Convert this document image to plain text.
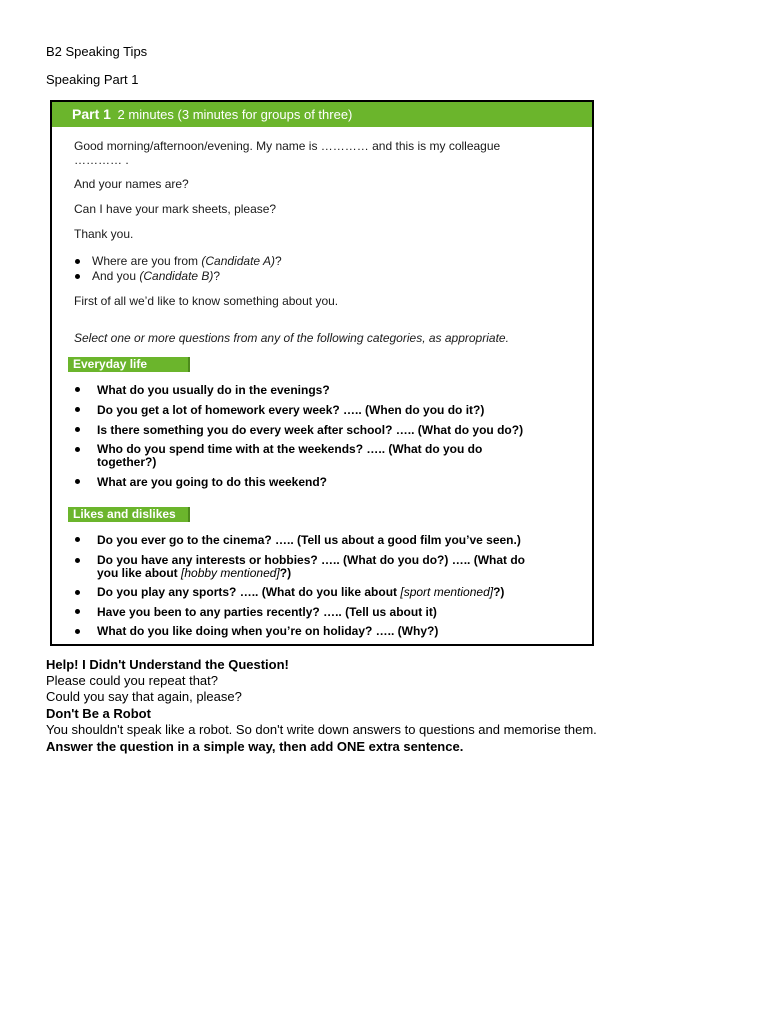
B2 Speaking Tips
Speaking Part 1
Part 1 2 minutes (3 minutes for groups of three)
Good morning/afternoon/evening. My name is ………… and this is my colleague
………… .
And your names are?
Can I have your mark sheets, please?
Thank you.
Where are you from (Candidate A)?
And you (Candidate B)?
First of all we’d like to know something about you.
Select one or more questions from any of the following categories, as appropriate.
Everyday life
What do you usually do in the evenings?
Do you get a lot of homework every week? ….. (When do you do it?)
Is there something you do every week after school? ….. (What do you do?)
Who do you spend time with at the weekends? ….. (What do you do
together?)
What are you going to do this weekend?
Likes and dislikes
Do you ever go to the cinema? ….. (Tell us about a good film you’ve seen.)
Do you have any interests or hobbies? ….. (What do you do?) ….. (What do
you like about [hobby mentioned]?)
Do you play any sports? ….. (What do you like about [sport mentioned]?)
Have you been to any parties recently? ….. (Tell us about it)
What do you like doing when you’re on holiday? ….. (Why?)
Help! I Didn't Understand the Question!
Please could you repeat that?
Could you say that again, please?
Don't Be a Robot
You shouldn't speak like a robot. So don't write down answers to questions and memorise them.
Answer the question in a simple way, then add ONE extra sentence.
